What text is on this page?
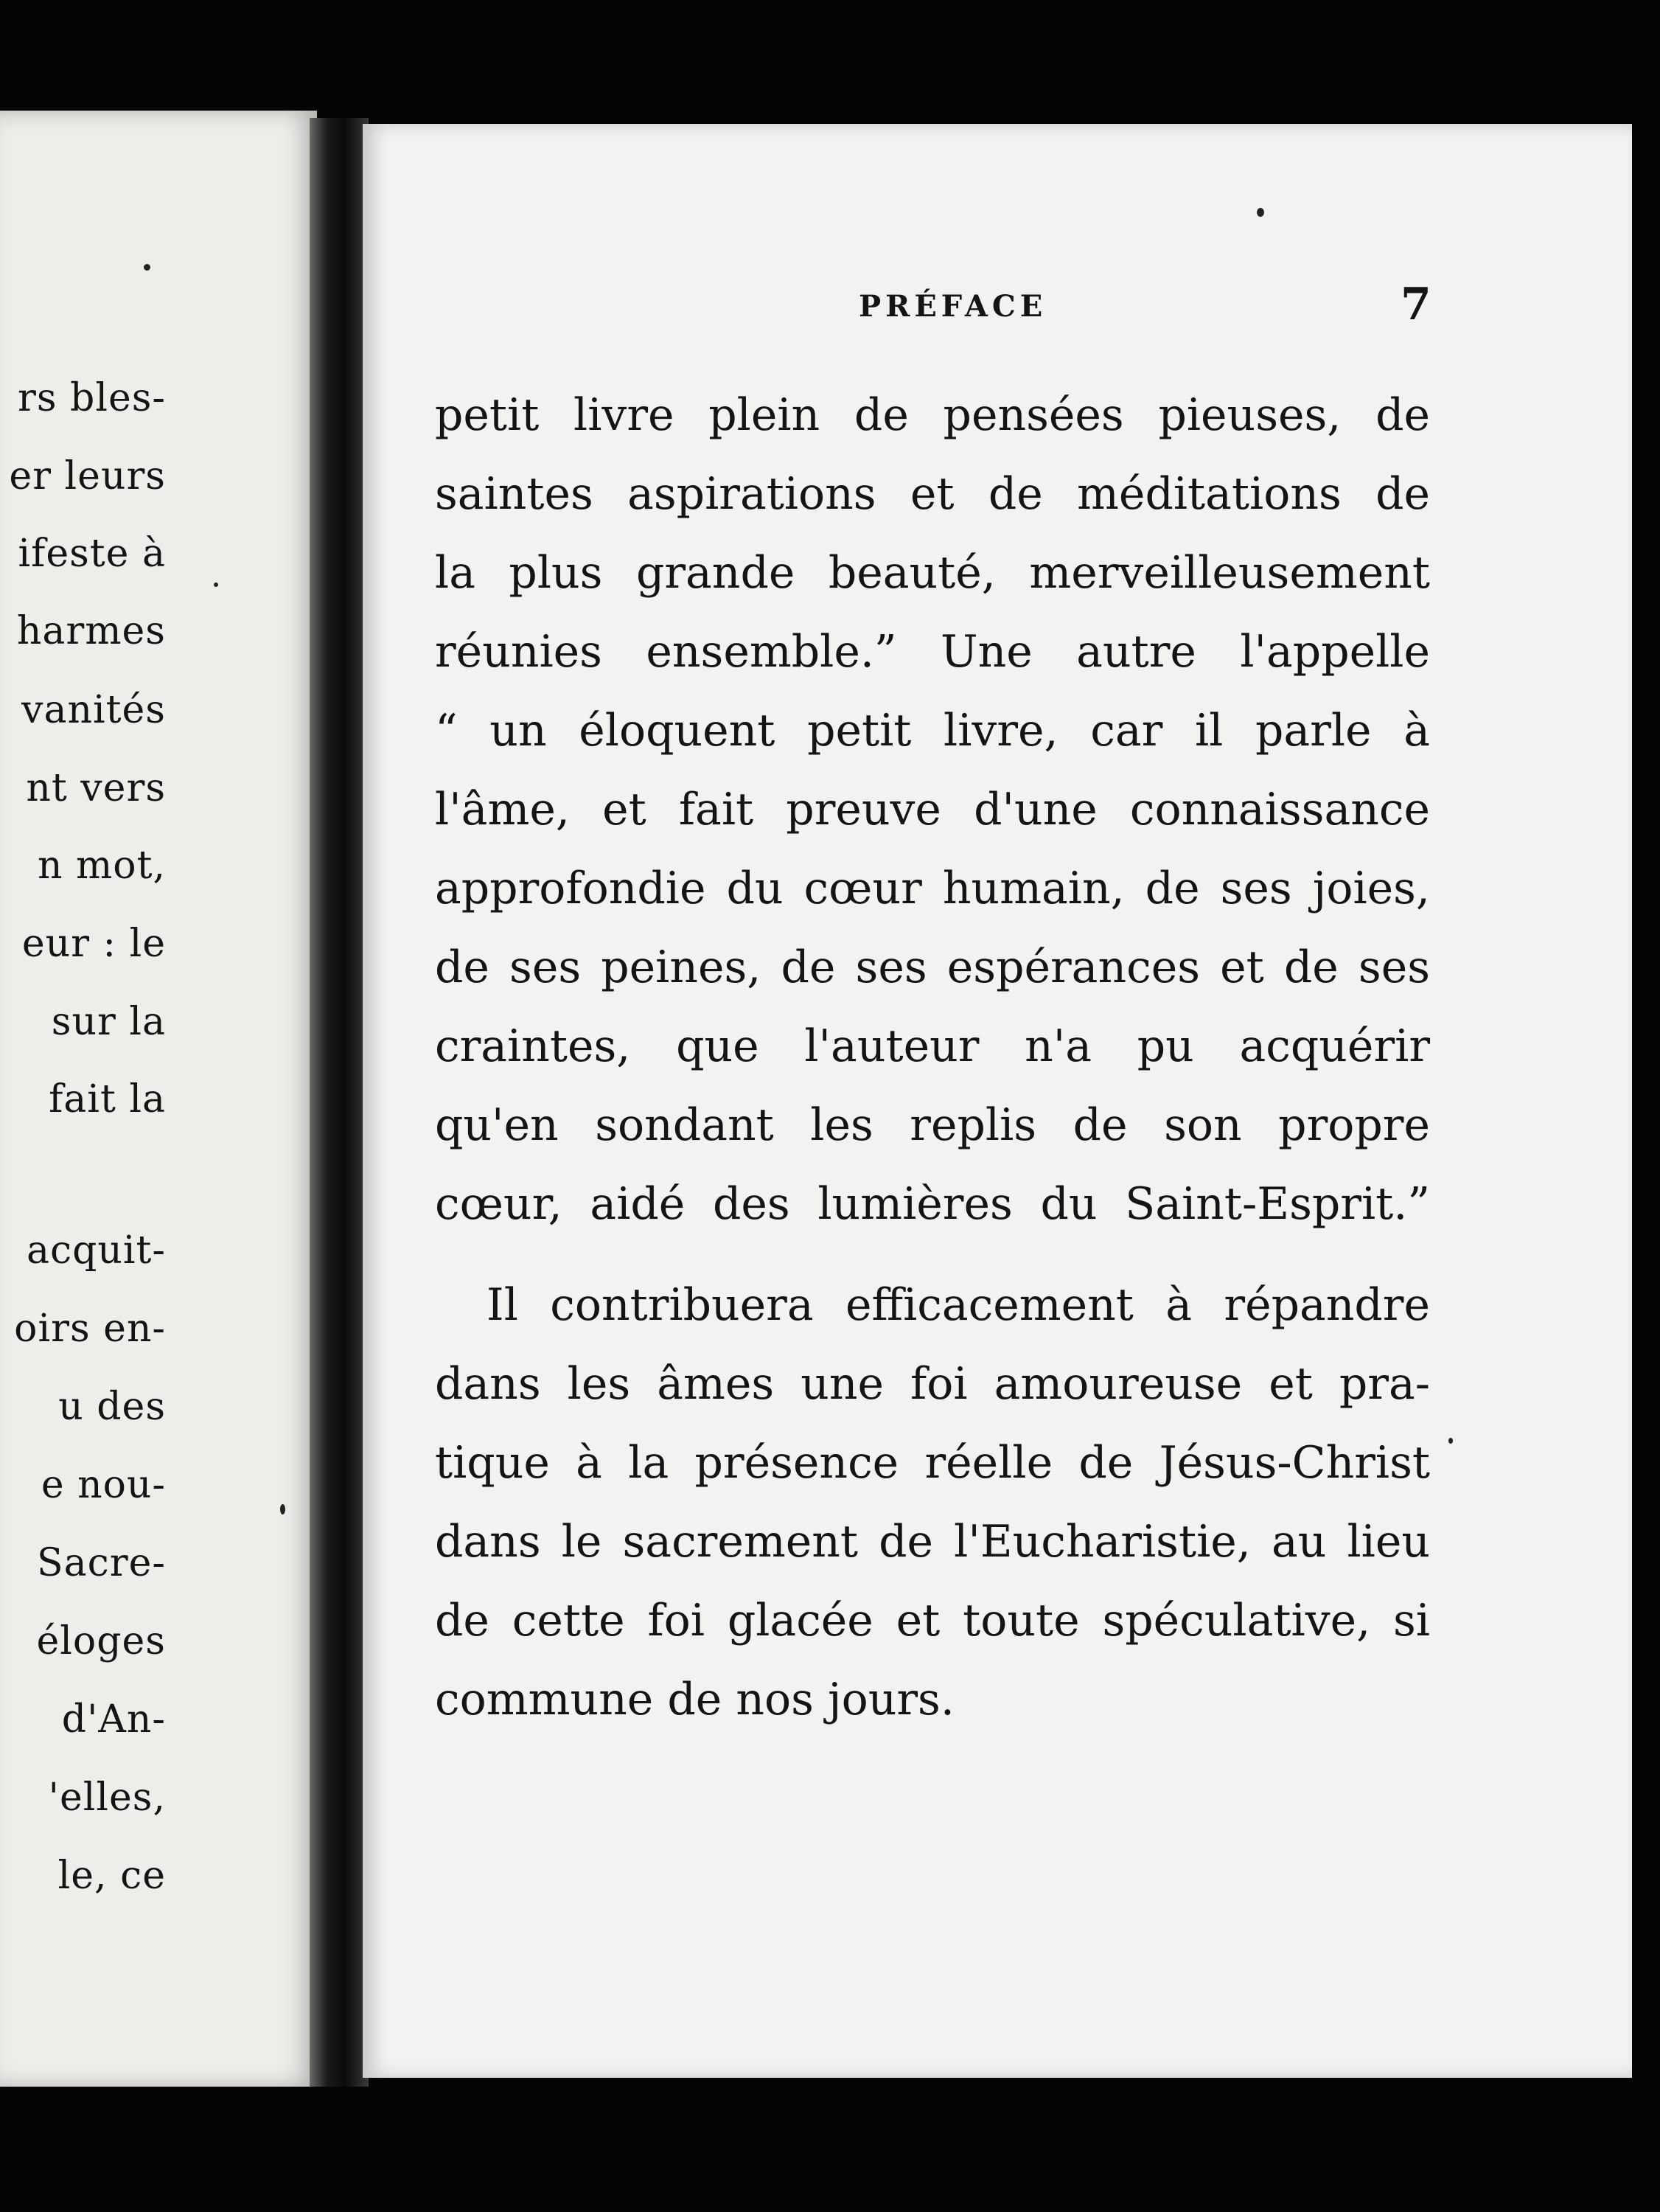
rs bles-
er leurs
ifeste à
harmes
vanités
nt vers
n mot,
eur : le
sur la
fait la
acquit-
oirs en-
u des
e nou-
Sacre-
éloges
d'An-
'elles,
le, ce
PRÉFACE	7
petit livre plein de pensées pieuses, de
saintes aspirations et de méditations de
la plus grande beauté, merveilleusement
réunies ensemble.” Une autre l'appelle
“ un éloquent petit livre, car il parle à
l'âme, et fait preuve d'une connaissance
approfondie du cœur humain, de ses joies,
de ses peines, de ses espérances et de ses
craintes, que l'auteur n'a pu acquérir
qu'en sondant les replis de son propre
cœur, aidé des lumières du Saint-Esprit.”
Il contribuera efficacement à répandre
dans les âmes une foi amoureuse et pra-
tique à la présence réelle de Jésus-Christ
dans le sacrement de l'Eucharistie, au lieu
de cette foi glacée et toute spéculative, si
commune de nos jours.
